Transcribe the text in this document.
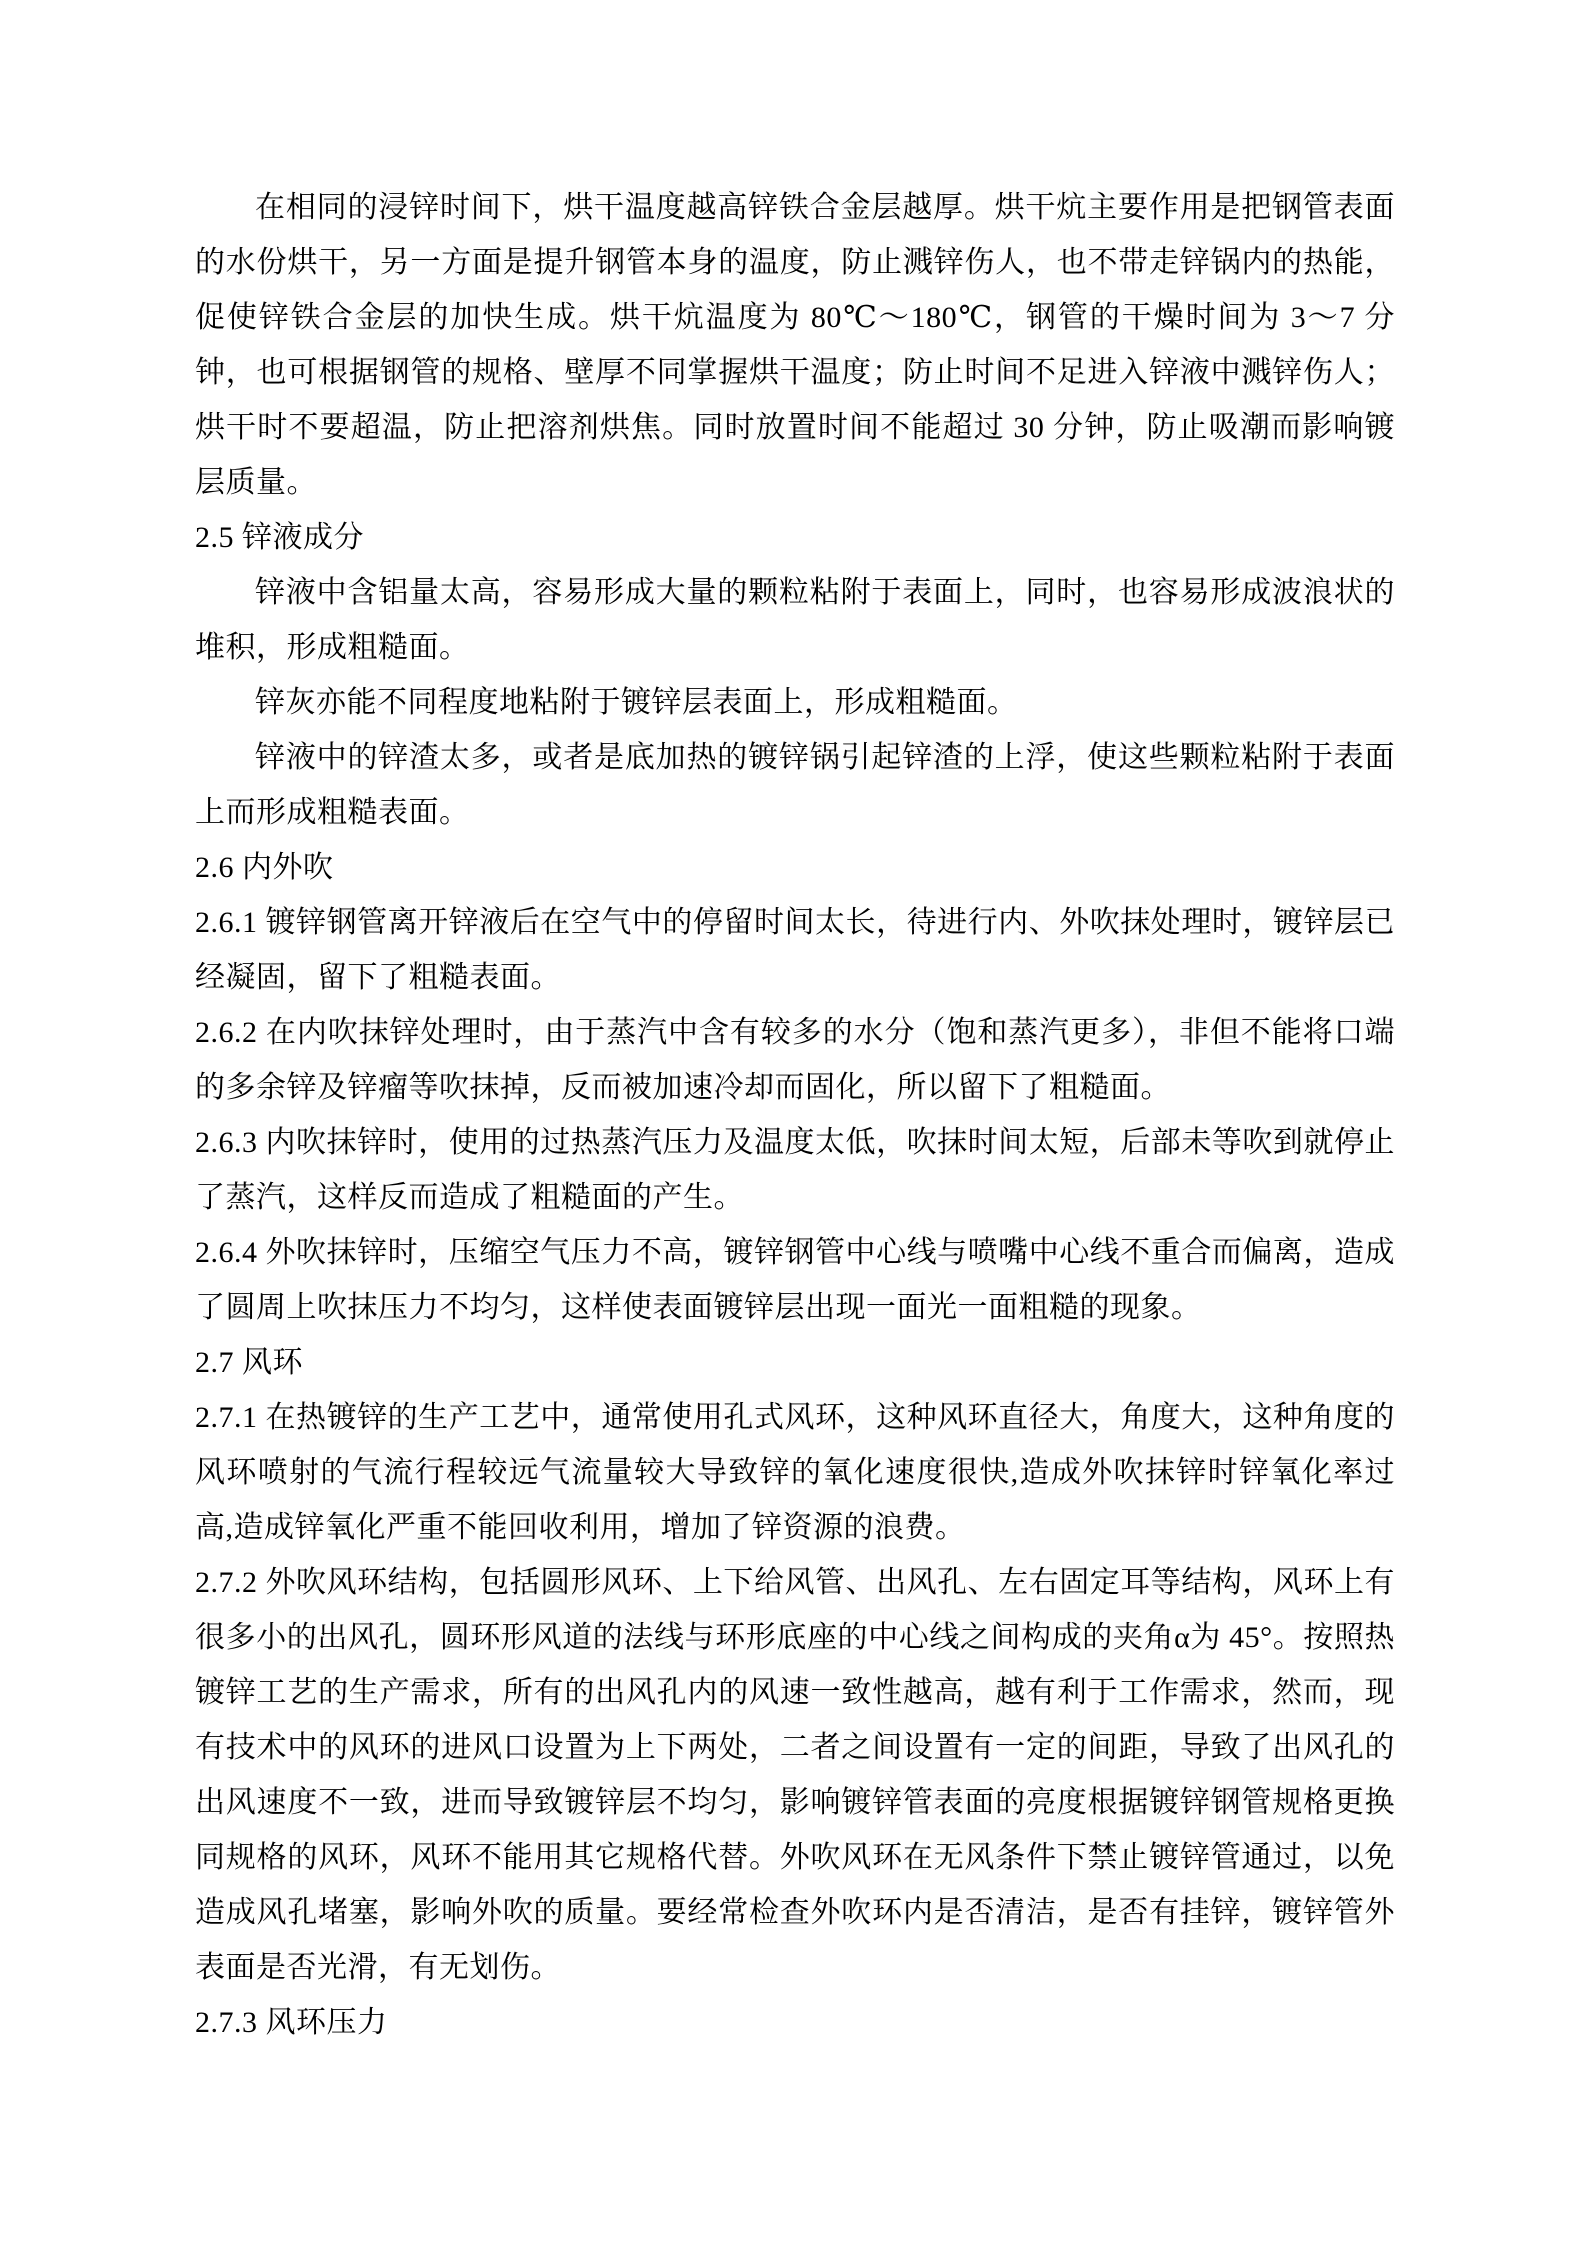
在相同的浸锌时间下，烘干温度越高锌铁合金层越厚。烘干炕主要作用是把钢管表面的水份烘干，另一方面是提升钢管本身的温度，防止溅锌伤人，也不带走锌锅内的热能，促使锌铁合金层的加快生成。烘干炕温度为 80℃～180℃，钢管的干燥时间为 3～7 分钟，也可根据钢管的规格、壁厚不同掌握烘干温度；防止时间不足进入锌液中溅锌伤人；烘干时不要超温，防止把溶剂烘焦。同时放置时间不能超过 30 分钟，防止吸潮而影响镀层质量。

2.5 锌液成分

锌液中含铝量太高，容易形成大量的颗粒粘附于表面上，同时，也容易形成波浪状的堆积，形成粗糙面。

锌灰亦能不同程度地粘附于镀锌层表面上，形成粗糙面。

锌液中的锌渣太多，或者是底加热的镀锌锅引起锌渣的上浮，使这些颗粒粘附于表面上而形成粗糙表面。

2.6 内外吹

2.6.1 镀锌钢管离开锌液后在空气中的停留时间太长，待进行内、外吹抹处理时，镀锌层已经凝固，留下了粗糙表面。

2.6.2 在内吹抹锌处理时，由于蒸汽中含有较多的水分（饱和蒸汽更多），非但不能将口端的多余锌及锌瘤等吹抹掉，反而被加速冷却而固化，所以留下了粗糙面。

2.6.3 内吹抹锌时，使用的过热蒸汽压力及温度太低，吹抹时间太短，后部未等吹到就停止了蒸汽，这样反而造成了粗糙面的产生。

2.6.4 外吹抹锌时，压缩空气压力不高，镀锌钢管中心线与喷嘴中心线不重合而偏离，造成了圆周上吹抹压力不均匀，这样使表面镀锌层出现一面光一面粗糙的现象。

2.7 风环

2.7.1 在热镀锌的生产工艺中，通常使用孔式风环，这种风环直径大，角度大，这种角度的风环喷射的气流行程较远气流量较大导致锌的氧化速度很快,造成外吹抹锌时锌氧化率过高,造成锌氧化严重不能回收利用，增加了锌资源的浪费。

2.7.2 外吹风环结构，包括圆形风环、上下给风管、出风孔、左右固定耳等结构，风环上有很多小的出风孔，圆环形风道的法线与环形底座的中心线之间构成的夹角α为 45°。按照热镀锌工艺的生产需求，所有的出风孔内的风速一致性越高，越有利于工作需求，然而，现有技术中的风环的进风口设置为上下两处，二者之间设置有一定的间距，导致了出风孔的出风速度不一致，进而导致镀锌层不均匀，影响镀锌管表面的亮度根据镀锌钢管规格更换同规格的风环，风环不能用其它规格代替。外吹风环在无风条件下禁止镀锌管通过，以免造成风孔堵塞，影响外吹的质量。要经常检查外吹环内是否清洁，是否有挂锌，镀锌管外表面是否光滑，有无划伤。

2.7.3 风环压力
